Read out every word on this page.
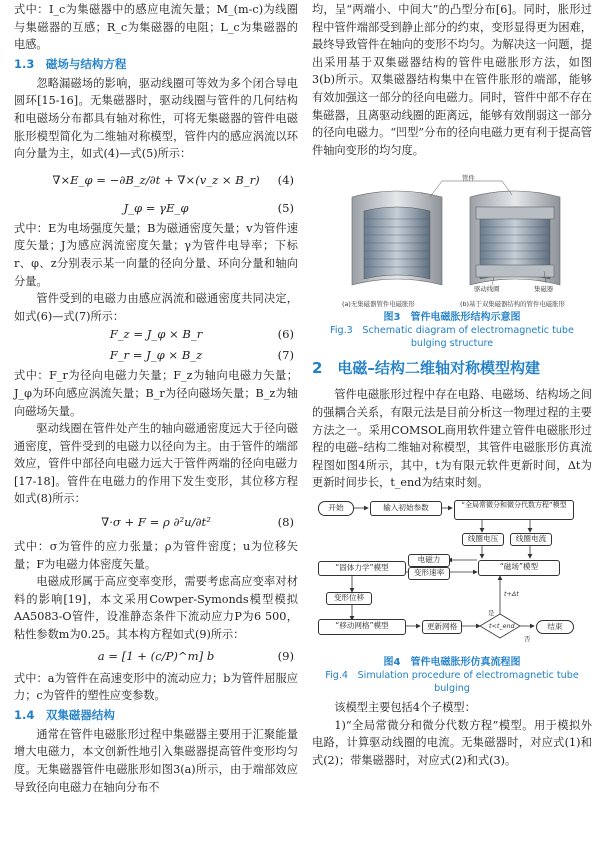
式中：I_c为集磁器中的感应电流矢量；M_(m-c)为线圈与集磁器的互感；R_c为集磁器的电阻；L_c为集磁器的电感。

1.3　磁场与结构方程

忽略漏磁场的影响，驱动线圈可等效为多个闭合导电圆环[15-16]。无集磁器时，驱动线圈与管件的几何结构和电磁场分布都具有轴对称性，可将无集磁器的管件电磁胀形模型简化为二维轴对称模型，管件内的感应涡流以环向分量为主，如式(4)—式(5)所示：

∇×E_φ = −∂B_z/∂t + ∇×(v_z × B_r)	(4)
J_φ = γE_φ	(5)

式中：E为电场强度矢量；B为磁通密度矢量；v为管件速度矢量；J为感应涡流密度矢量；γ为管件电导率；下标r、φ、z分别表示某一向量的径向分量、环向分量和轴向分量。

管件受到的电磁力由感应涡流和磁通密度共同决定，如式(6)—式(7)所示：

F_z = J_φ × B_r	(6)
F_r = J_φ × B_z	(7)

式中：F_r为径向电磁力矢量；F_z为轴向电磁力矢量；J_φ为环向感应涡流矢量；B_r为径向磁场矢量；B_z为轴向磁场矢量。

驱动线圈在管件处产生的轴向磁通密度远大于径向磁通密度，管件受到的电磁力以径向为主。由于管件的端部效应，管件中部径向电磁力远大于管件两端的径向电磁力[17-18]。管件在电磁力的作用下发生变形，其位移方程如式(8)所示：

∇·σ + F = ρ ∂²u/∂t²	(8)

式中：σ为管件的应力张量；ρ为管件密度；u为位移矢量；F为电磁力体密度矢量。

电磁成形属于高应变率变形，需要考虑高应变率对材料的影响[19]，本文采用Cowper-Symonds模型模拟AA5083-O管件，设准静态条件下流动应力P为6 500，粘性参数m为0.25。其本构方程如式(9)所示：

a = [1 + (c/P)^m] b	(9)

式中：a为管件在高速变形中的流动应力；b为管件屈服应力；c为管件的塑性应变参数。

1.4　双集磁器结构

通常在管件电磁胀形过程中集磁器主要用于汇聚能量增大电磁力，本文创新性地引入集磁器提高管件变形均匀度。无集磁器管件电磁胀形如图3(a)所示，由于端部效应导致径向电磁力在轴向分布不

均，呈“两端小、中间大”的凸型分布[6]。同时，胀形过程中管件端部受到静止部分的约束，变形显得更为困难，最终导致管件在轴向的变形不均匀。为解决这一问题，提出采用基于双集磁器结构的管件电磁胀形方法，如图3(b)所示。双集磁器结构集中在管件胀形的端部，能够有效加强这一部分的径向电磁力。同时，管件中部不存在集磁器，且离驱动线圈的距离远，能够有效削弱这一部分的径向电磁力。“凹型”分布的径向电磁力更有利于提高管件轴向变形的均匀度。

管件
驱动线圈	集磁器
(a)无集磁器管件电磁胀形	(b)基于双集磁器结构的管件电磁胀形

图3　管件电磁胀形结构示意图

Fig.3　Schematic diagram of electromagnetic tube

bulging structure

2　电磁–结构二维轴对称模型构建

管件电磁胀形过程中存在电路、电磁场、结构场之间的强耦合关系，有限元法是目前分析这一物理过程的主要方法之一。采用COMSOL商用软件建立管件电磁胀形过程的电磁–结构二维轴对称模型，其管件电磁胀形仿真流程图如图4所示，其中，t为有限元软件更新时间，Δt为更新时间步长，t_end为结束时刻。

开始	输入初始参数	“全局常微分和微分代数方程”模型
线圈电压	线圈电流
“固体力学”模型
电磁力
变形速率
“磁场”模型
变形位移
“移动网格”模型	更新网格	t<t_end
t+Δt
是
否
结束

图4　管件电磁胀形仿真流程图

Fig.4　Simulation procedure of electromagnetic tube

bulging

该模型主要包括4个子模型：

1)“全局常微分和微分代数方程”模型。用于模拟外电路，计算驱动线圈的电流。无集磁器时，对应式(1)和式(2)；带集磁器时，对应式(2)和式(3)。
